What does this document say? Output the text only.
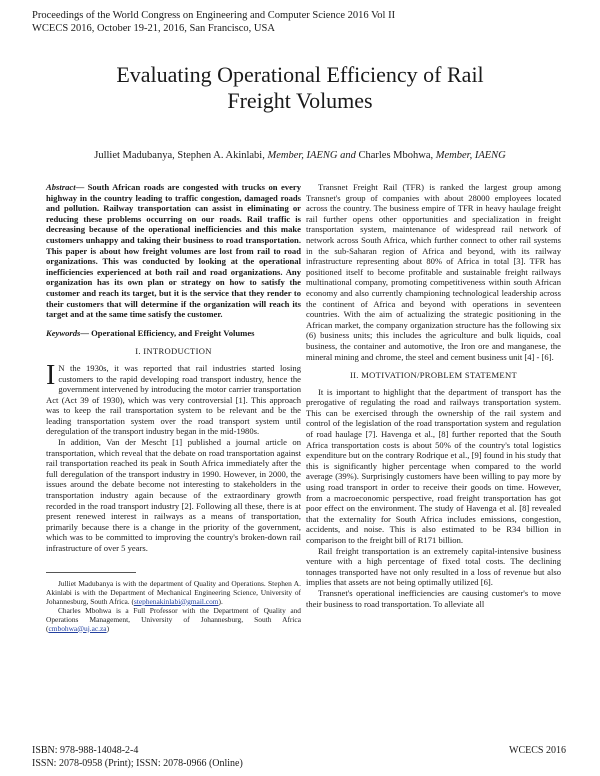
Proceedings of the World Congress on Engineering and Computer Science 2016 Vol II
WCECS 2016, October 19-21, 2016, San Francisco, USA
Evaluating Operational Efficiency of Rail
Freight Volumes
Julliet Madubanya, Stephen A. Akinlabi, Member, IAENG and Charles Mbohwa, Member, IAENG

Abstract— South African roads are congested with trucks on every highway in the country leading to traffic congestion, damaged roads and pollution. Railway transportation can assist in eliminating or reducing these problems occurring on our roads. Rail traffic is decreasing because of the operational inefficiencies and this make customers unhappy and taking their business to road transportation. This paper is about how freight volumes are lost from rail to road organizations. This was conducted by looking at the operational inefficiencies experienced at both rail and road organizations. Any organization has its own plan or strategy on how to satisfy the customer and reach its target, but it is the service that they render to their customers that will determine if the organization will reach its target and at the same time satisfy the customer.

Keywords— Operational Efficiency, and Freight Volumes

I. INTRODUCTION

I N the 1930s, it was reported that rail industries started losing customers to the rapid developing road transport industry, hence the government intervened by introducing the motor carrier transportation Act (Act 39 of 1930), which was very controversial [1]. This approach was to keep the rail transportation system to be relevant and be the leading transportation system over the road transport system until deregulation of the transport industry began in the mid-1980s.

In addition, Van der Mescht [1] published a journal article on transportation, which reveal that the debate on road transportation against rail transportation reached its peak in South Africa immediately after the full deregulation of the transport industry in 1990. However, in 2000, the issues around the debate become not interesting to stakeholders in the transportation industry again because of the extraordinary growth recorded in the road transport industry [2]. Following all these, there is at present renewed interest in railways as a means of transportation, primarily because there is a change in the priority of the government, which was to be committed to improving the country's broken-down rail infrastructure of over 5 years.

Julliet Madubanya is with the department of Quality and Operations. Stephen A. Akinlabi is with the Department of Mechanical Engineering Science, University of Johannesburg, South Africa. (stephenakinlabi@gmail.com).

Charles Mbohwa is a Full Professor with the Department of Quality and Operations Management, University of Johannesburg, South Africa (cmbohwa@uj.ac.za)

Transnet Freight Rail (TFR) is ranked the largest group among Transnet's group of companies with about 28000 employees located across the country. The business empire of TFR in heavy haulage freight rail further opens other opportunities and specialization in freight transportation system, maintenance of widespread rail network of network across South Africa, which further connect to other rail systems in the sub-Saharan region of Africa and beyond, with its railway infrastructure representing about 80% of Africa in total [3]. TFR has positioned itself to become profitable and sustainable freight railways multinational company, promoting competitiveness within south African economy and also currently championing technological leadership across the continent of Africa and beyond with operations in seventeen countries. With the aim of actualizing the strategic positioning in the African market, the company organization structure has the following six (6) business units; this includes the agriculture and bulk liquids, coal business, the container and automotive, the Iron ore and manganese, the mineral mining and chrome, the steel and cement business unit [4] - [6].

II. MOTIVATION/PROBLEM STATEMENT

It is important to highlight that the department of transport has the prerogative of regulating the road and railways transportation system. This can be exercised through the ownership of the rail system and control of the legislation of the road transportation system and regulation of road haulage [7]. Havenga et al., [8] further reported that the South Africa transportation costs is about 50% of the country's total logistics expenditure but on the contrary Rodrique et al., [9] found in his study that this is significantly higher percentage when compared to the world average (39%). Surprisingly customers have been willing to pay more by using road transport in order to receive their goods on time. However, from a macroeconomic perspective, road freight transportation has got poor effect on the environment. The study of Havenga et al. [8] revealed that the externality for South Africa includes emissions, congestion, accidents, and noise. This is also estimated to be R34 billion in comparison to the freight bill of R171 billion.

Rail freight transportation is an extremely capital-intensive business venture with a high percentage of fixed total costs. The declining tonnages transported have not only resulted in a loss of revenue but also implies that assets are not being optimally utilized [6].

Transnet's operational inefficiencies are causing customer's to move their business to road transportation. To alleviate all

ISBN: 978-988-14048-2-4
ISSN: 2078-0958 (Print); ISSN: 2078-0966 (Online)
WCECS 2016
